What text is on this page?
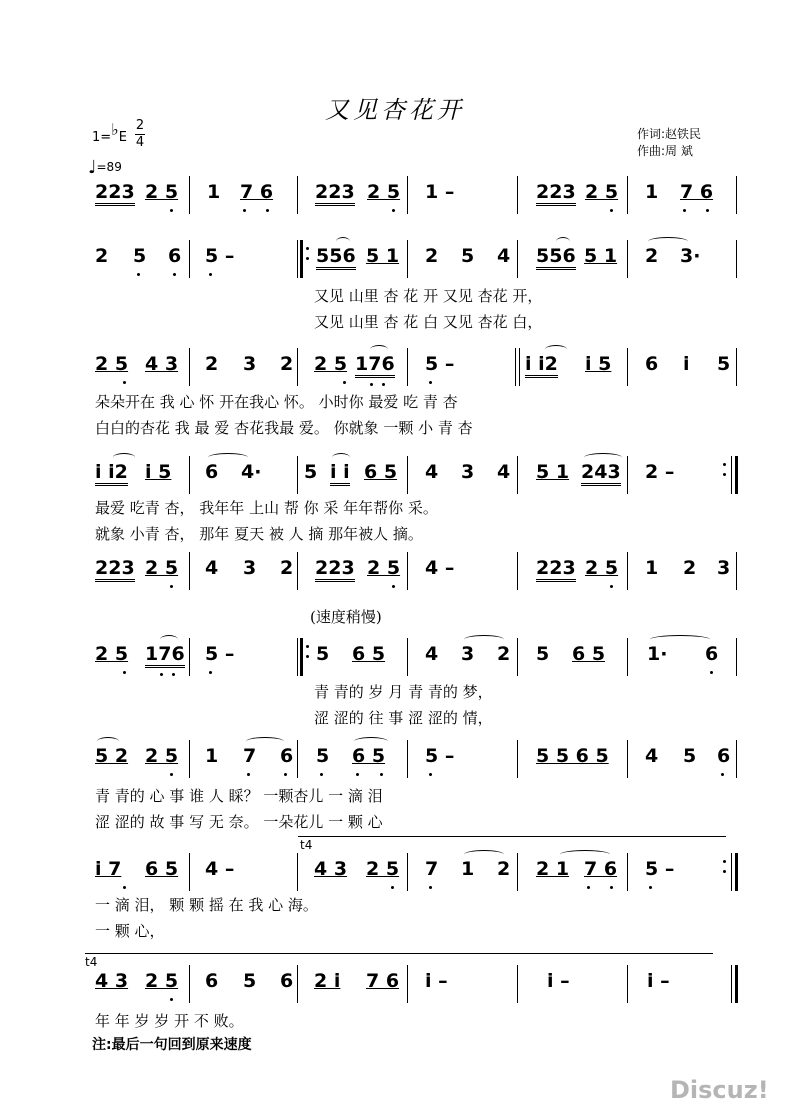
又见杏花开
1=♭E
2
4
♩=89
作词:赵铁民
作曲:周 斌
223 2 5 1 7 6 223 2 5 1 –	223 2 5 1 7 6
2 5 6 5 –	556 5 1 2 5 4 556 5 1 2 3·
又见 山里 杏 花 开 又见 杏花 开，
又见 山里 杏 花 白 又见 杏花 白，
2 5 4 3 2 3 2 2 5 176 5 –	i i2 i 5 6 i 5
朵朵开在 我 心 怀 开在我心 怀。 小时你 最爱 吃 青 杏
白白的杏花 我 最 爱 杏花我最 爱。 你就象 一颗 小 青 杏
i i2 i 5 6 4· 5 i i 6 5 4 3 4 5 1 243 2 –
最爱 吃青 杏， 我年年 上山 帮 你 采 年年帮你 采。
就象 小青 杏， 那年 夏天 被 人 摘 那年被人 摘。
223 2 5 4 3 2 223 2 5 4 –	223 2 5 1 2 3
(速度稍慢)
2 5 176 5 –	5 6 5 4 3 2 5 6 5 1· 6
青 青的 岁 月 青 青的 梦，
涩 涩的 往 事 涩 涩的 情，
5 2 2 5 1 7 6 5 6 5 5 –	5 5 6 5 4 5 6
青 青的 心 事 谁 人 睬？ 一颗杏儿 一 滴 泪
涩 涩的 故 事 写 无 奈。 一朵花儿 一 颗 心
t4
i 7 6 5 4 –	4 3 2 5 7 1 2 2 1 7 6 5 –
一 滴 泪， 颗 颗 摇 在 我 心 海。
一 颗 心，
t4
4 3 2 5 6 5 6 2 i 7 6 i –	i –	i –
年 年 岁 岁 开 不 败。
注:最后一句回到原来速度
Discuz!
